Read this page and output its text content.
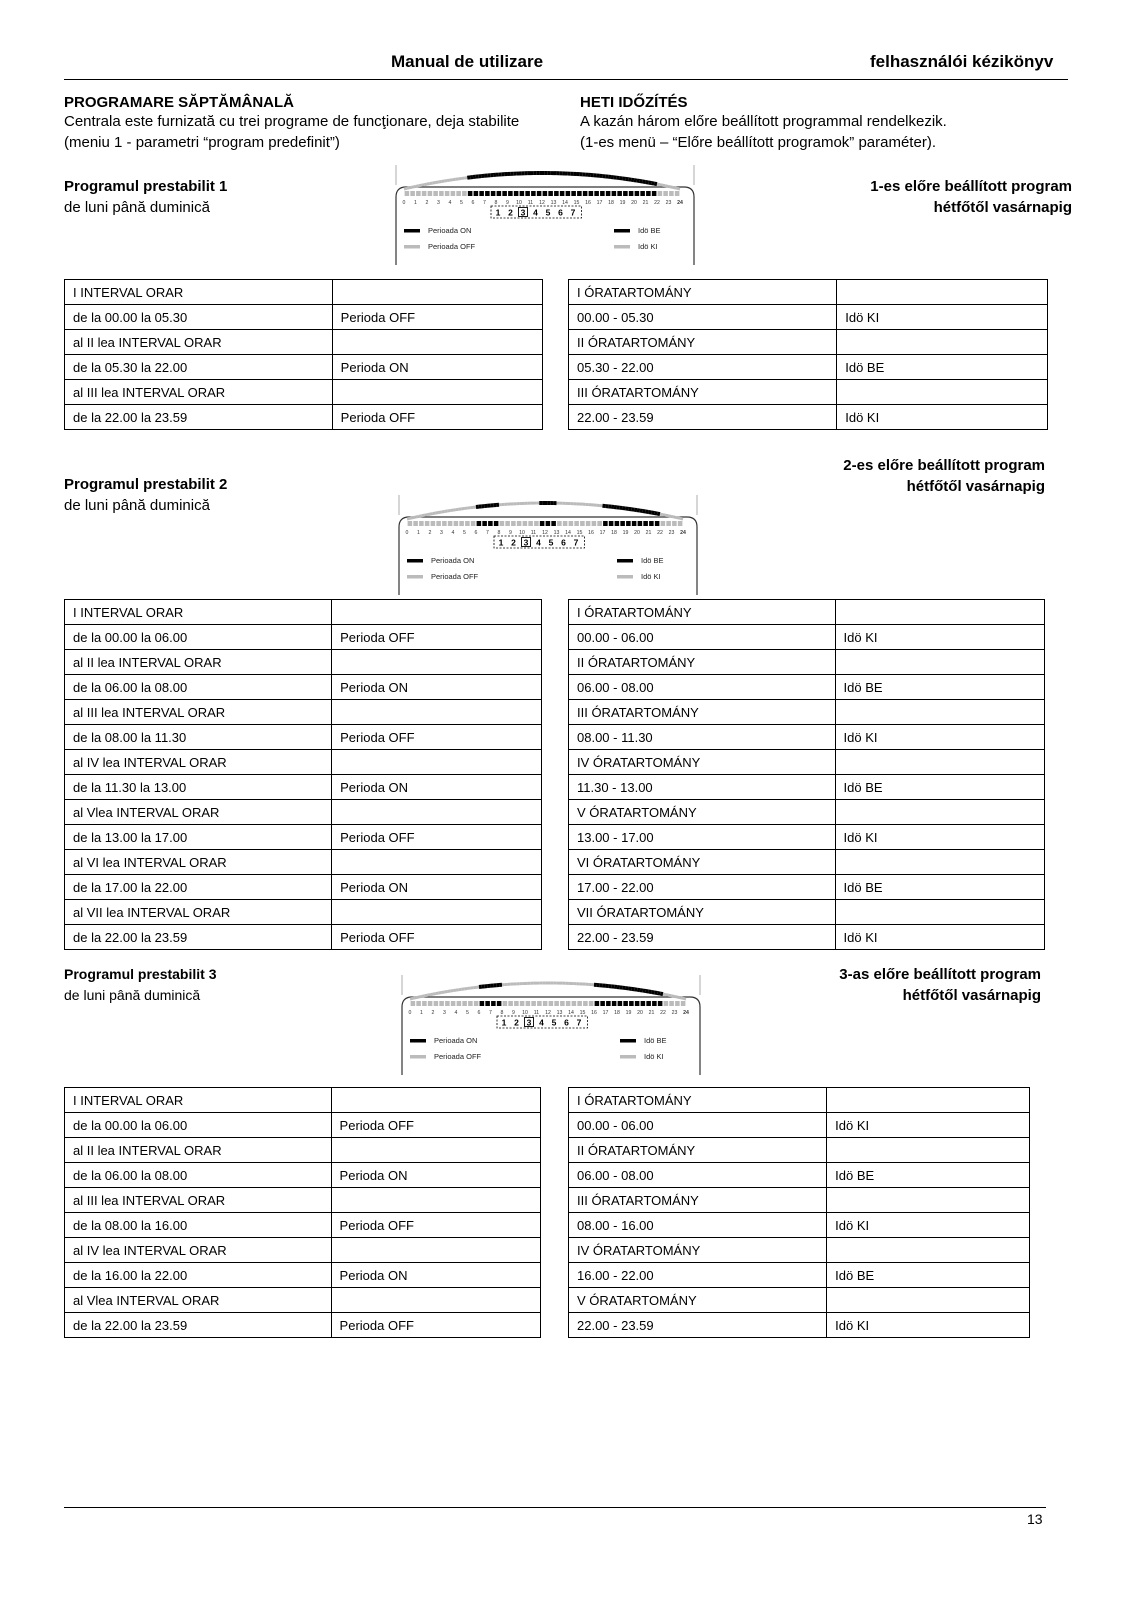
Manual de utilizare	felhasználói kézikönyv
PROGRAMARE SĂPTĂMÂNALĂ
Centrala este furnizată cu trei programe de funcţionare, deja stabilite
(meniu 1 - parametri “program predefinit”)
HETI IDŐZÍTÉS
A kazán három előre beállított programmal rendelkezik.
(1-es menü – “Előre beállított programok” paraméter).
Programul prestabilit 1
de luni până duminică
1-es előre beállított program
hétfőtől vasárnapig
0 1 2 3 4 5 6 7 8 9 10 11 12 13 14 15 16 17 18 19 20 21 22 23 24
1 2 3 4 5 6 7
Perioada ON
Perioada OFF
Idö BE
Idö KI
I INTERVAL ORAR	
de la 00.00 la 05.30	Perioda OFF
al II lea INTERVAL ORAR	
de la 05.30 la 22.00	Perioda ON
al III lea INTERVAL ORAR	
de la 22.00 la 23.59	Perioda OFF
I ÓRATARTOMÁNY	
00.00 - 05.30	Idö KI
II ÓRATARTOMÁNY	
05.30 - 22.00	Idö BE
III ÓRATARTOMÁNY	
22.00 - 23.59	Idö KI
Programul prestabilit 2
de luni până duminică
2-es előre beállított program
hétfőtől vasárnapig
0 1 2 3 4 5 6 7 8 9 10 11 12 13 14 15 16 17 18 19 20 21 22 23 24
1 2 3 4 5 6 7
Perioada ON
Perioada OFF
Idö BE
Idö KI
I INTERVAL ORAR	
de la 00.00 la 06.00	Perioda OFF
al II lea INTERVAL ORAR	
de la 06.00 la 08.00	Perioda ON
al III lea INTERVAL ORAR	
de la 08.00 la 11.30	Perioda OFF
al IV lea INTERVAL ORAR	
de la 11.30 la 13.00	Perioda ON
al Vlea INTERVAL ORAR	
de la 13.00 la 17.00	Perioda OFF
al VI lea INTERVAL ORAR	
de la 17.00 la 22.00	Perioda ON
al VII lea INTERVAL ORAR	
de la 22.00 la 23.59	Perioda OFF
I ÓRATARTOMÁNY	
00.00 - 06.00	Idö KI
II ÓRATARTOMÁNY	
06.00 - 08.00	Idö BE
III ÓRATARTOMÁNY	
08.00 - 11.30	Idö KI
IV ÓRATARTOMÁNY	
11.30 - 13.00	Idö BE
V ÓRATARTOMÁNY	
13.00 - 17.00	Idö KI
VI ÓRATARTOMÁNY	
17.00 - 22.00	Idö BE
VII ÓRATARTOMÁNY	
22.00 - 23.59	Idö KI
Programul prestabilit 3
de luni până duminică
3-as előre beállított program
hétfőtől vasárnapig
0 1 2 3 4 5 6 7 8 9 10 11 12 13 14 15 16 17 18 19 20 21 22 23 24
1 2 3 4 5 6 7
Perioada ON
Perioada OFF
Idö BE
Idö KI
I INTERVAL ORAR	
de la 00.00 la 06.00	Perioda OFF
al II lea INTERVAL ORAR	
de la 06.00 la 08.00	Perioda ON
al III lea INTERVAL ORAR	
de la 08.00 la 16.00	Perioda OFF
al IV lea INTERVAL ORAR	
de la 16.00 la 22.00	Perioda ON
al Vlea INTERVAL ORAR	
de la 22.00 la 23.59	Perioda OFF
I ÓRATARTOMÁNY	
00.00 - 06.00	Idö KI
II ÓRATARTOMÁNY	
06.00 - 08.00	Idö BE
III ÓRATARTOMÁNY	
08.00 - 16.00	Idö KI
IV ÓRATARTOMÁNY	
16.00 - 22.00	Idö BE
V ÓRATARTOMÁNY	
22.00 - 23.59	Idö KI
13
